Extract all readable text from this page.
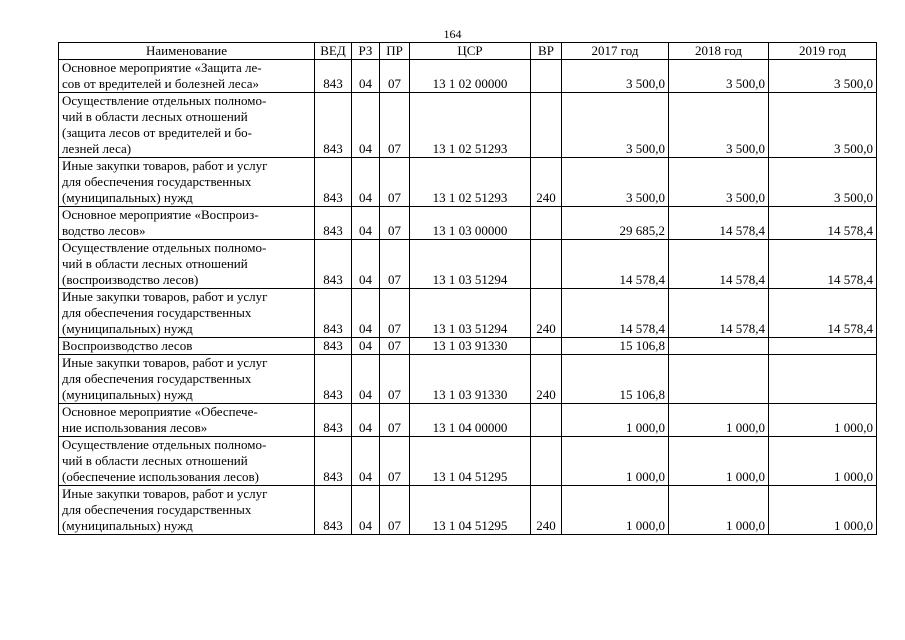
164
Наименование	ВЕД	РЗ	ПР	ЦСР	ВР	2017 год	2018 год	2019 год

Основное мероприятие «Защита ле-
сов от вредителей и болезней леса»	843	04	07	13 1 02 00000		3 500,0	3 500,0	3 500,0

Осуществление отдельных полномо-
чий в области лесных отношений
(защита лесов от вредителей и бо-
лезней леса)	843	04	07	13 1 02 51293		3 500,0	3 500,0	3 500,0

Иные закупки товаров, работ и услуг
для обеспечения государственных
(муниципальных) нужд	843	04	07	13 1 02 51293	240	3 500,0	3 500,0	3 500,0

Основное мероприятие «Воспроиз-
водство лесов»	843	04	07	13 1 03 00000		29 685,2	14 578,4	14 578,4

Осуществление отдельных полномо-
чий в области лесных отношений
(воспроизводство лесов)	843	04	07	13 1 03 51294		14 578,4	14 578,4	14 578,4

Иные закупки товаров, работ и услуг
для обеспечения государственных
(муниципальных) нужд	843	04	07	13 1 03 51294	240	14 578,4	14 578,4	14 578,4

Воспроизводство лесов	843	04	07	13 1 03 91330		15 106,8		

Иные закупки товаров, работ и услуг
для обеспечения государственных
(муниципальных) нужд	843	04	07	13 1 03 91330	240	15 106,8		

Основное мероприятие «Обеспече-
ние использования лесов»	843	04	07	13 1 04 00000		1 000,0	1 000,0	1 000,0

Осуществление отдельных полномо-
чий в области лесных отношений
(обеспечение использования лесов)	843	04	07	13 1 04 51295		1 000,0	1 000,0	1 000,0

Иные закупки товаров, работ и услуг
для обеспечения государственных
(муниципальных) нужд	843	04	07	13 1 04 51295	240	1 000,0	1 000,0	1 000,0
